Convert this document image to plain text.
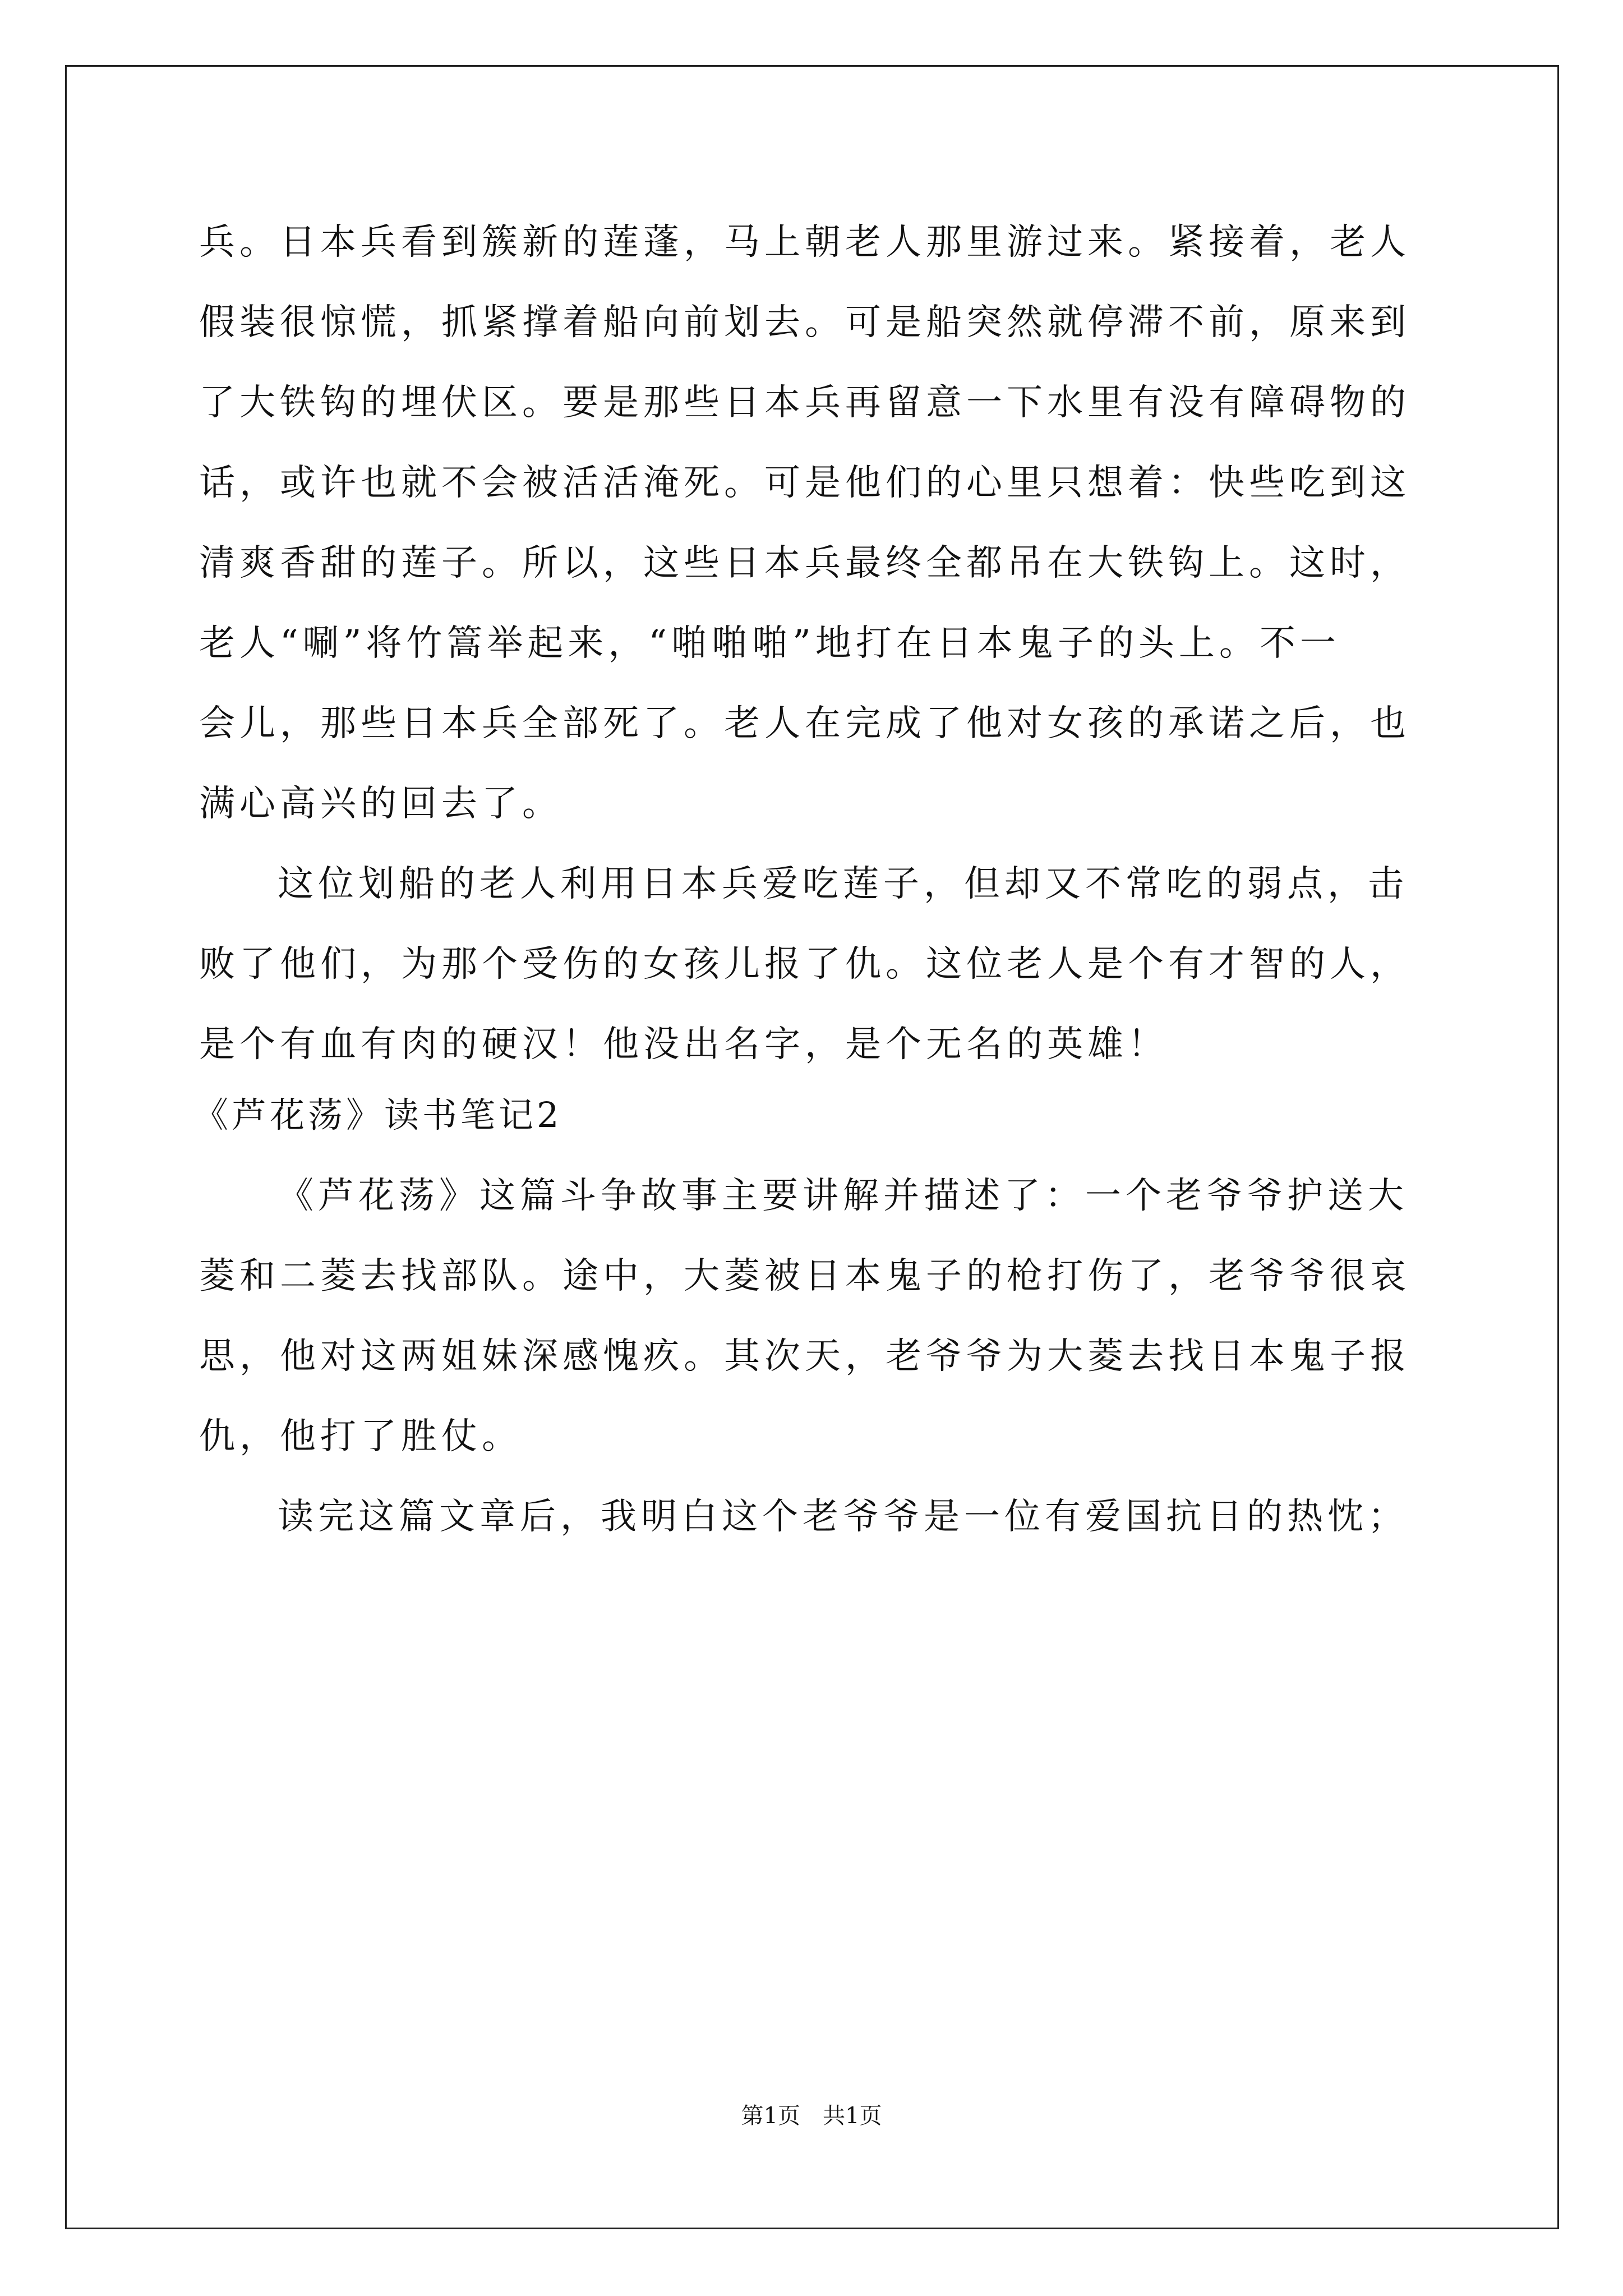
兵。日本兵看到簇新的莲蓬，马上朝老人那里游过来。紧接着，老人
假装很惊慌，抓紧撑着船向前划去。可是船突然就停滞不前，原来到
了大铁钩的埋伏区。要是那些日本兵再留意一下水里有没有障碍物的
话，或许也就不会被活活淹死。可是他们的心里只想着：快些吃到这
清爽香甜的莲子。所以，这些日本兵最终全都吊在大铁钩上。这时，
老人“唰”将竹篙举起来，“啪啪啪”地打在日本鬼子的头上。不一
会儿，那些日本兵全部死了。老人在完成了他对女孩的承诺之后，也
满心高兴的回去了。
这位划船的老人利用日本兵爱吃莲子，但却又不常吃的弱点，击
败了他们，为那个受伤的女孩儿报了仇。这位老人是个有才智的人，
是个有血有肉的硬汉！他没出名字，是个无名的英雄！
《芦花荡》读书笔记2
《芦花荡》这篇斗争故事主要讲解并描述了：一个老爷爷护送大
菱和二菱去找部队。途中，大菱被日本鬼子的枪打伤了，老爷爷很哀
思，他对这两姐妹深感愧疚。其次天，老爷爷为大菱去找日本鬼子报
仇，他打了胜仗。
读完这篇文章后，我明白这个老爷爷是一位有爱国抗日的热忱；
第1页　共1页
